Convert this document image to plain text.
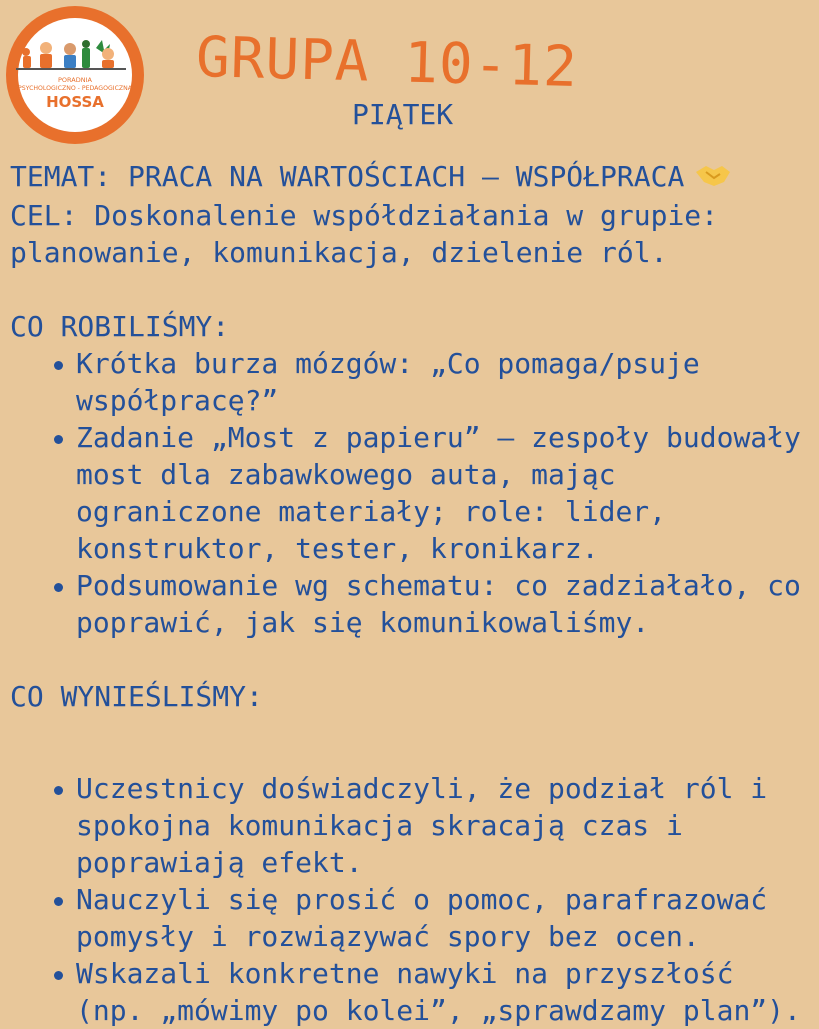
PORADNIA
PSYCHOLOGICZNO - PEDAGOGICZNA
HOSSA
GRUPA 10-12
PIĄTEK
TEMAT: PRACA NA WARTOŚCIACH – WSPÓŁPRACA
CEL: Doskonalenie współdziałania w grupie:
planowanie, komunikacja, dzielenie ról.
CO ROBILIŚMY:
Krótka burza mózgów: „Co pomaga/psuje współpracę?”
Zadanie „Most z papieru” – zespoły budowały most dla zabawkowego auta, mając ograniczone materiały; role: lider, konstruktor, tester, kronikarz.
Podsumowanie wg schematu: co zadziałało, co poprawić, jak się komunikowaliśmy.
CO WYNIEŚLIŚMY:
Uczestnicy doświadczyli, że podział ról i spokojna komunikacja skracają czas i poprawiają efekt.
Nauczyli się prosić o pomoc, parafrazować pomysły i rozwiązywać spory bez ocen.
Wskazali konkretne nawyki na przyszłość (np. „mówimy po kolei”, „sprawdzamy plan”).
